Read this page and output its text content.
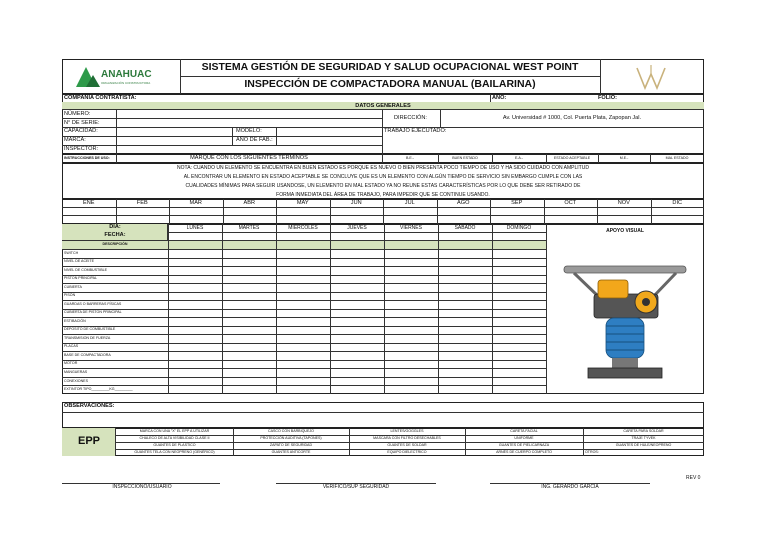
ANAHUAC
ORGANIZACIÓN CONSTRUCTORA
SISTEMA GESTIÓN DE SEGURIDAD Y SALUD OCUPACIONAL WEST POINT
INSPECCIÓN DE COMPACTADORA MANUAL (BAILARINA)
COMPAÑÍA CONTRATISTA:	AÑO:	FOLIO:
DATOS GENERALES
NÚMERO:
N° DE SERIE:
CAPACIDAD:
MARCA:
INSPECTOR:
MODELO:
AÑO DE FAB.:
TRABAJO EJECUTADO:
DIRECCIÓN:	Av. Universidad # 1000, Col. Puerta Plata, Zapopan Jal.
INSTRUCCIONES DE USO:	MARQUE CON LOS SIGUIENTES TÉRMINOS	B.E.-	BUEN ESTADO	E.A.-	ESTADO ACEPTABLE	M.E.-	MAL ESTADO
NOTA: CUANDO UN ELEMENTO SE ENCUENTRA EN BUEN ESTADO ES PORQUE ES NUEVO O BIEN PRESENTA POCO TIEMPO DE USO Y HA SIDO CUIDADO CON AMPLITUD
AL ENCONTRAR UN ELEMENTO EN ESTADO ACEPTABLE SE CONCLUYE QUE ES UN ELEMENTO CON ALGÚN TIEMPO DE SERVICIO SIN EMBARGO CUMPLE CON LAS
CUALIDADES MÍNIMAS PARA SEGUIR USANDOSE, UN ELEMENTO EN MAL ESTADO YA NO REUNE ESTAS CARACTERÍSTICAS POR LO QUE DEBE SER RETIRADO DE
FORMA INMEDIATA DEL ÁREA DE TRABAJO, PARA IMPEDIR QUE SE CONTINUE USANDO.
ENE	FEB	MAR	ABR	MAY	JUN	JUL	AGO	SEP	OCT	NOV	DIC
DÍA:
FECHA:
DESCRIPCIÓN
APOYO VISUAL
LUNES	MARTES	MIÉRCOLES	JUEVES	VIERNES	SÁBADO	DOMINGO
SWITCH
NIVEL DE ACEITE
NIVEL DE COMBUSTIBLE
PISTON PRINCIPAL
CUBIERTA
PISÓN
GUARDAS O BARRERAS FÍSICAS
CUBIERTA DE PISTON PRINCIPAL
ESTIBACIÓN
DEPOSITO DE COMBUSTIBLE
TRANSMISION DE FUERZA
PLACAS
BASE DE COMPACTADORA
MOTOR
MANGUERAS
CONEXIONES
EXTINTOR TIPO_________KG_________
OBSERVACIONES:
EPP
MARCA CON UNA "X" EL EPP A UTILIZAR	CASCO CON BARBIQUEJO	LENTES/GOGGLES	CARETA FACIAL	CARETA PARA SOLDAR
CHALECO DE ALTA VISIBILIDAD CLASE II	PROTECCIÓN AUDITIVA (TAPONES)	MASCARA CON FILTRO DESECHABLES	UNIFORME	TRAJE TYVEK
GUANTES DE PLASTICO	ZAPATO DE SEGURIDAD	GUANTES DE SOLDAR	GUANTES DE PIEL/CARNAZA	GUANTES DE HULE/NEOPRENO
GUANTES TELA CON NEOPRENO (GENÉRICO)	GUANTES ANTICORTE	EQUIPO DIELECTRICO	ARNÉS DE CUERPO COMPLETO	OTROS:
INSPECCIONÓ/USUARIO	VERIFICÓ/SUP SEGURIDAD	ING. GERARDO GARCIA
REV 0
